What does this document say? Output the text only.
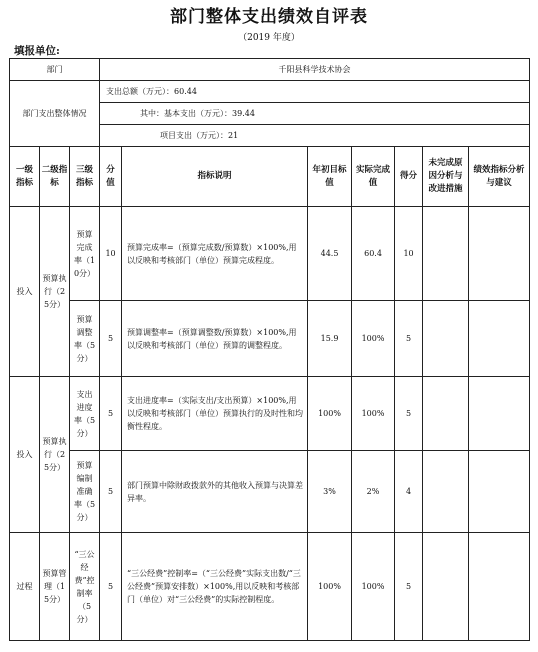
部门整体支出绩效自评表
（2019 年度）
填报单位:
部门			千阳县科学技术协会						
部门支出整体情况			支出总额（万元）：60.44						
			其中：基本支出（万元）：39.44						
			项目支出（万元）：21						

一级指标	二级指标	三级指标	分值	指标说明	年初目标值	实际完成值	得分	未完成原因分析与改进措施	绩效指标分析与建议

投入	预算执行（25分）	预算完成率（10分）	10	预算完成率=（预算完成数/预算数）×100%,用以反映和考核部门（单位）预算完成程度。	44.5	60.4	10		

		预算调整率（5分）	5	预算调整率=（预算调整数/预算数）×100%,用以反映和考核部门（单位）预算的调整程度。	15.9	100%	5		
投入	预算执行（25分）	支出进度率（5分）	5	支出进度率=（实际支出/支出预算）×100%,用以反映和考核部门（单位）预算执行的及时性和均衡性程度。	100%	100%	5		

		预算编制准确率（5分）	5	部门预算中除财政拨款外的其他收入预算与决算差异率。	3%	2%	4		
过程	预算管理（15分）	“三公经费”控制率（5分）	5	“三公经费”控制率=（“三公经费”实际支出数/“三公经费”预算安排数）×100%,用以反映和考核部门（单位）对“三公经费”的实际控制程度。	100%	100%	5		
